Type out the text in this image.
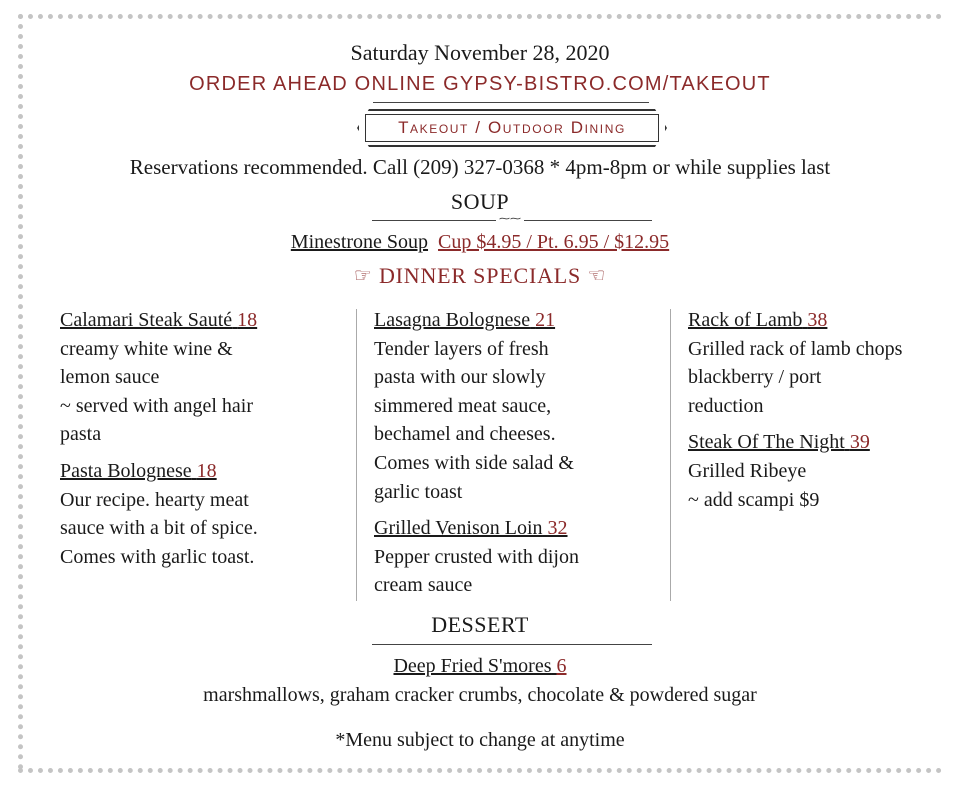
Saturday November 28, 2020
ORDER AHEAD ONLINE GYPSY-BISTRO.COM/TAKEOUT
Takeout / Outdoor Dining
Reservations recommended. Call (209) 327-0368 * 4pm-8pm or while supplies last
SOUP
⁓⁓
Minestrone Soup Cup $4.95 / Pt. 6.95 / $12.95
☞ DINNER SPECIALS ☜
Calamari Steak Sauté 18
creamy white wine &
lemon sauce
~ served with angel hair
pasta
Pasta Bolognese 18
Our recipe. hearty meat
sauce with a bit of spice.
Comes with garlic toast.
Lasagna Bolognese 21
Tender layers of fresh
pasta with our slowly
simmered meat sauce,
bechamel and cheeses.
Comes with side salad &
garlic toast
Grilled Venison Loin 32
Pepper crusted with dijon
cream sauce
Rack of Lamb 38
Grilled rack of lamb chops
blackberry / port
reduction
Steak Of The Night 39
Grilled Ribeye
~ add scampi $9
DESSERT
Deep Fried S'mores 6
marshmallows, graham cracker crumbs, chocolate & powdered sugar
*Menu subject to change at anytime
